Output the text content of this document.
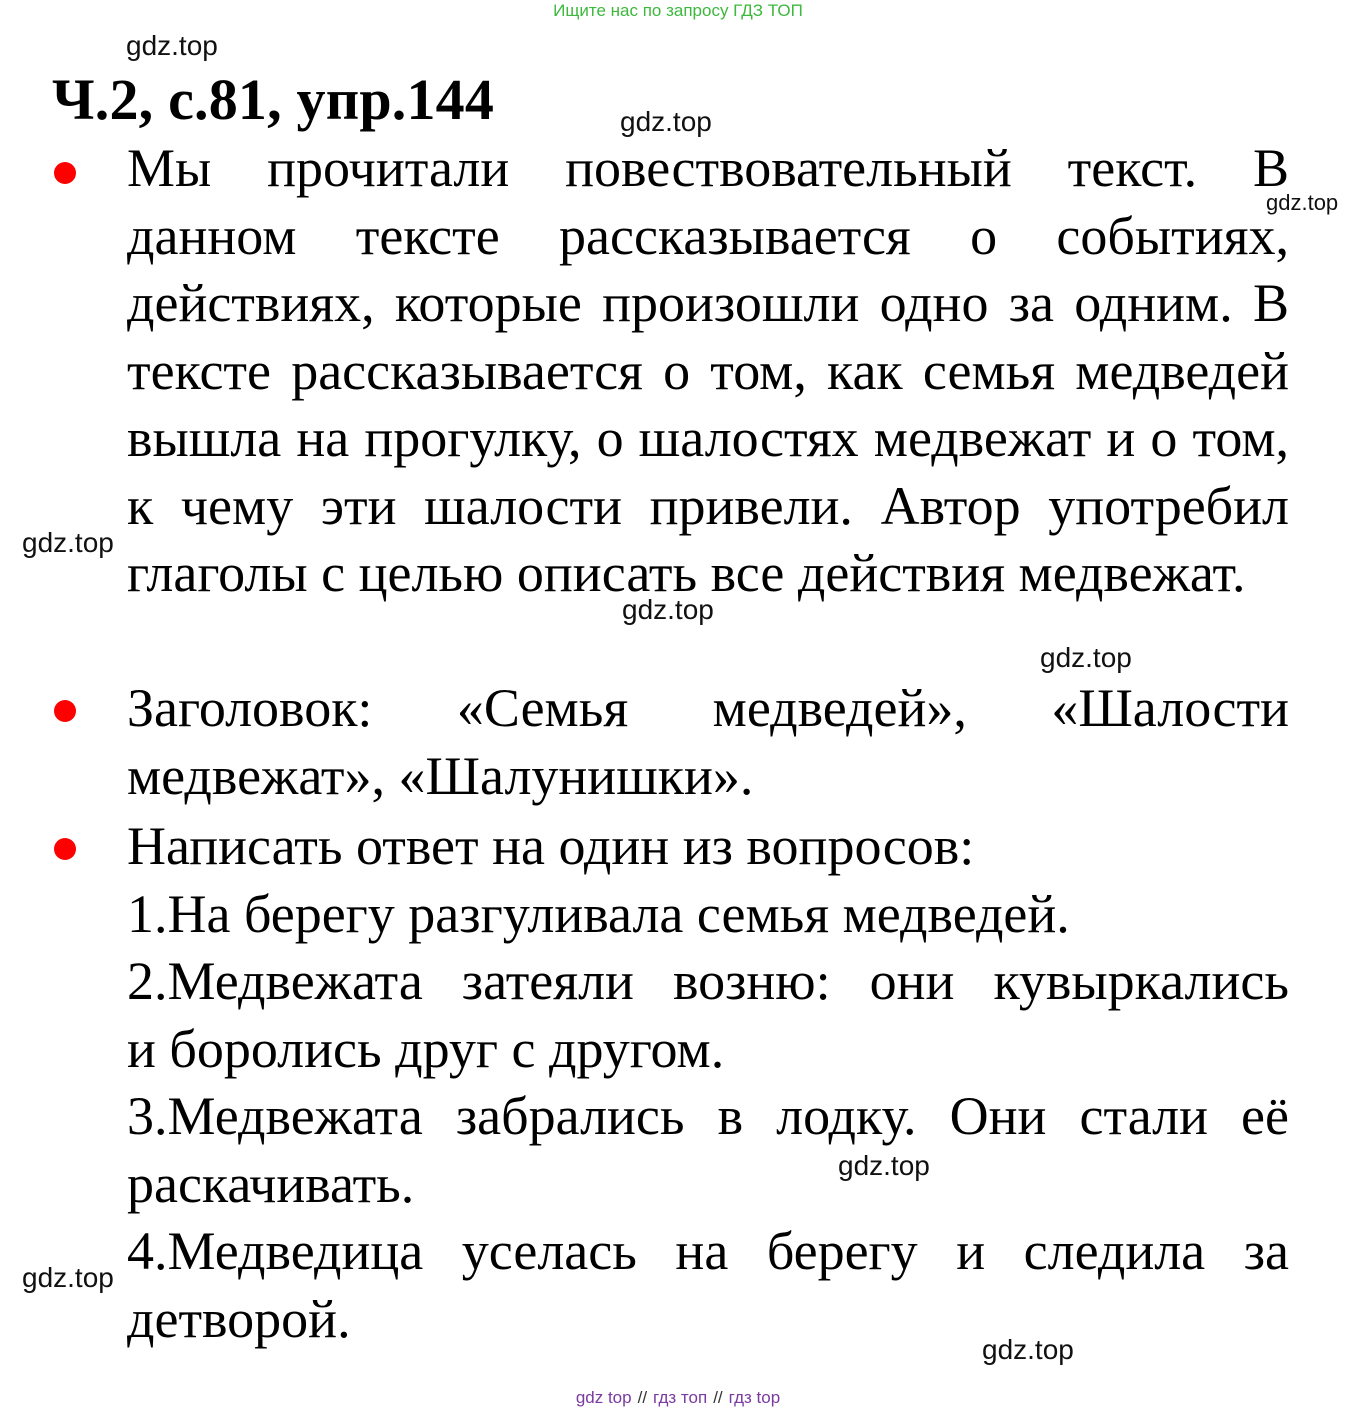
Ищите нас по запросу ГДЗ ТОП
Ч.2, с.81, упр.144

Мы прочитали повествовательный текст. В данном тексте рассказывается о событиях, действиях, которые произошли одно за одним. В тексте рассказывается о том, как семья медведей вышла на прогулку, о шалостях медвежат и о том, к чему эти шалости привели. Автор употребил глаголы с целью описать все действия медвежат.

Заголовок: «Семья медведей», «Шалости медвежат», «Шалунишки».

Написать ответ на один из вопросов:

1.На берегу разгуливала семья медведей.

2.Медвежата затеяли возню: они кувыркались

и боролись друг с другом.

3.Медвежата забрались в лодку. Они стали её

раскачивать.

4.Медведица уселась на берегу и следила за

детворой.

gdz.top
gdz.top
gdz.top
gdz.top
gdz.top
gdz.top
gdz.top
gdz.top
gdz.top
gdz top // гдз топ // гдз top
